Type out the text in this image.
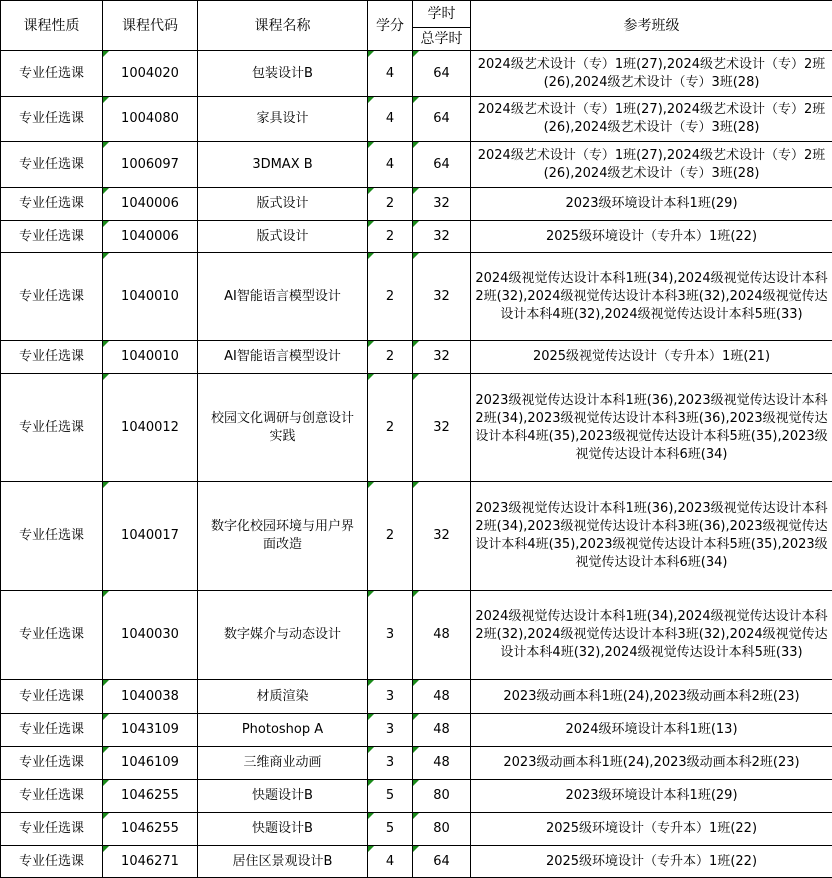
课程性质	课程代码	课程名称	学分	学时	参考班级
				总学时	
专业任选课	1004020	包装设计B	4	64	2024级艺术设计（专）1班(27),2024级艺术设计（专）2班(26),2024级艺术设计（专）3班(28)
专业任选课	1004080	家具设计	4	64	2024级艺术设计（专）1班(27),2024级艺术设计（专）2班(26),2024级艺术设计（专）3班(28)
专业任选课	1006097	3DMAX B	4	64	2024级艺术设计（专）1班(27),2024级艺术设计（专）2班(26),2024级艺术设计（专）3班(28)
专业任选课	1040006	版式设计	2	32	2023级环境设计本科1班(29)
专业任选课	1040006	版式设计	2	32	2025级环境设计（专升本）1班(22)
专业任选课	1040010	AI智能语言模型设计	2	32	2024级视觉传达设计本科1班(34),2024级视觉传达设计本科2班(32),2024级视觉传达设计本科3班(32),2024级视觉传达设计本科4班(32),2024级视觉传达设计本科5班(33)
专业任选课	1040010	AI智能语言模型设计	2	32	2025级视觉传达设计（专升本）1班(21)
专业任选课	1040012	校园文化调研与创意设计实践	2	32	2023级视觉传达设计本科1班(36),2023级视觉传达设计本科2班(34),2023级视觉传达设计本科3班(36),2023级视觉传达设计本科4班(35),2023级视觉传达设计本科5班(35),2023级视觉传达设计本科6班(34)
专业任选课	1040017	数字化校园环境与用户界面改造	2	32	2023级视觉传达设计本科1班(36),2023级视觉传达设计本科2班(34),2023级视觉传达设计本科3班(36),2023级视觉传达设计本科4班(35),2023级视觉传达设计本科5班(35),2023级视觉传达设计本科6班(34)
专业任选课	1040030	数字媒介与动态设计	3	48	2024级视觉传达设计本科1班(34),2024级视觉传达设计本科2班(32),2024级视觉传达设计本科3班(32),2024级视觉传达设计本科4班(32),2024级视觉传达设计本科5班(33)
专业任选课	1040038	材质渲染	3	48	2023级动画本科1班(24),2023级动画本科2班(23)
专业任选课	1043109	Photoshop A	3	48	2024级环境设计本科1班(13)
专业任选课	1046109	三维商业动画	3	48	2023级动画本科1班(24),2023级动画本科2班(23)
专业任选课	1046255	快题设计B	5	80	2023级环境设计本科1班(29)
专业任选课	1046255	快题设计B	5	80	2025级环境设计（专升本）1班(22)
专业任选课	1046271	居住区景观设计B	4	64	2025级环境设计（专升本）1班(22)
